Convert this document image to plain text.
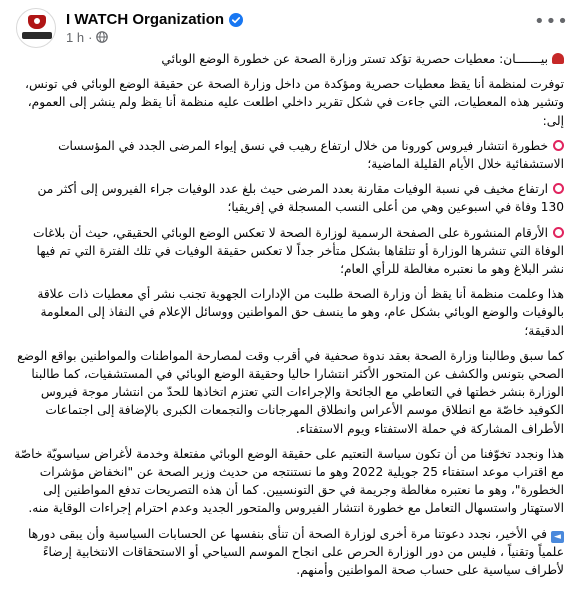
I WATCH Organization
1 h ·
•••

بيـــــــان: معطيات حصرية تؤكد تستر وزارة الصحة عن خطورة الوضع الوبائي

توفرت لمنظمة أنا يقظ معطيات حصرية ومؤكدة من داخل وزارة الصحة عن حقيقة الوضع الوبائي في تونس، وتشير هذه المعطيات، التي جاءت في شكل تقرير داخلي اطلعت عليه منظمة أنا يقظ ولم ينشر إلى العموم، إلى:

خطورة انتشار فيروس كورونا من خلال ارتفاع رهيب في نسق إيواء المرضى الجدد في المؤسسات الاستشفائية خلال الأيام القليلة الماضية؛

ارتفاع مخيف في نسبة الوفيات مقارنة بعدد المرضى حيث بلغ عدد الوفيات جراء الفيروس إلى أكثر من 130 وفاة في اسبوعين وهي من أعلى النسب المسجلة في إفريقيا؛

الأرقام المنشورة على الصفحة الرسمية لوزارة الصحة لا تعكس الوضع الوبائي الحقيقي، حيث أن بلاغات الوفاة التي تنشرها الوزارة أو تتلقاها بشكل متأخر جداً لا تعكس حقيقة الوفيات في تلك الفترة التي تم فيها نشر البلاغ وهو ما نعتبره مغالطة للرأي العام؛

هذا وعلمت منظمة أنا يقظ أن وزارة الصحة طلبت من الإدارات الجهوية تجنب نشر أي معطيات ذات علاقة بالوفيات والوضع الوبائي بشكل عام، وهو ما ينسف حق المواطنين ووسائل الإعلام في النفاذ إلى المعلومة الدقيقة؛

كما سبق وطالبنا وزارة الصحة بعقد ندوة صحفية في أقرب وقت لمصارحة المواطنات والمواطنين بواقع الوضع الصحي بتونس والكشف عن المتحور الأكثر انتشارا حاليا وحقيقة الوضع الوبائي في المستشفيات، كما طالبنا الوزارة بنشر خطتها في التعاطي مع الجائحة والإجراءات التي تعتزم اتخاذها للحدّ من انتشار موجة فيروس الكوفيد خاصّة مع انطلاق موسم الأعراس وانطلاق المهرجانات والتجمعات الكبرى بالإضافة إلى اجتماعات الأطراف المشاركة في حملة الاستفتاء ويوم الاستفتاء.

هذا ونجدد تخوّفنا من أن تكون سياسة التعتيم على حقيقة الوضع الوبائي مفتعلة وخدمة لأغراض سياسويّة خاصّة مع اقتراب موعد استفتاء 25 جويلية 2022 وهو ما نستنتجه من حديث وزير الصحة عن "انخفاض مؤشرات الخطورة"، وهو ما نعتبره مغالطة وجريمة في حق التونسيين. كما أن هذه التصريحات تدفع المواطنين إلى الاستهتار واستسهال التعامل مع خطورة انتشار الفيروس والمتحور الجديد وعدم احترام إجراءات الوقاية منه.

◄في الأخير، نجدد دعوتنا مرة أخرى لوزارة الصحة أن تنأى بنفسها عن الحسابات السياسية وأن يبقى دورها علمياً وتقنياً ، فليس من دور الوزارة الحرص على انجاح الموسم السياحي أو الاستحقاقات الانتخابية إرضاءً لأطراف سياسية على حساب صحة المواطنين وأمنهم.
